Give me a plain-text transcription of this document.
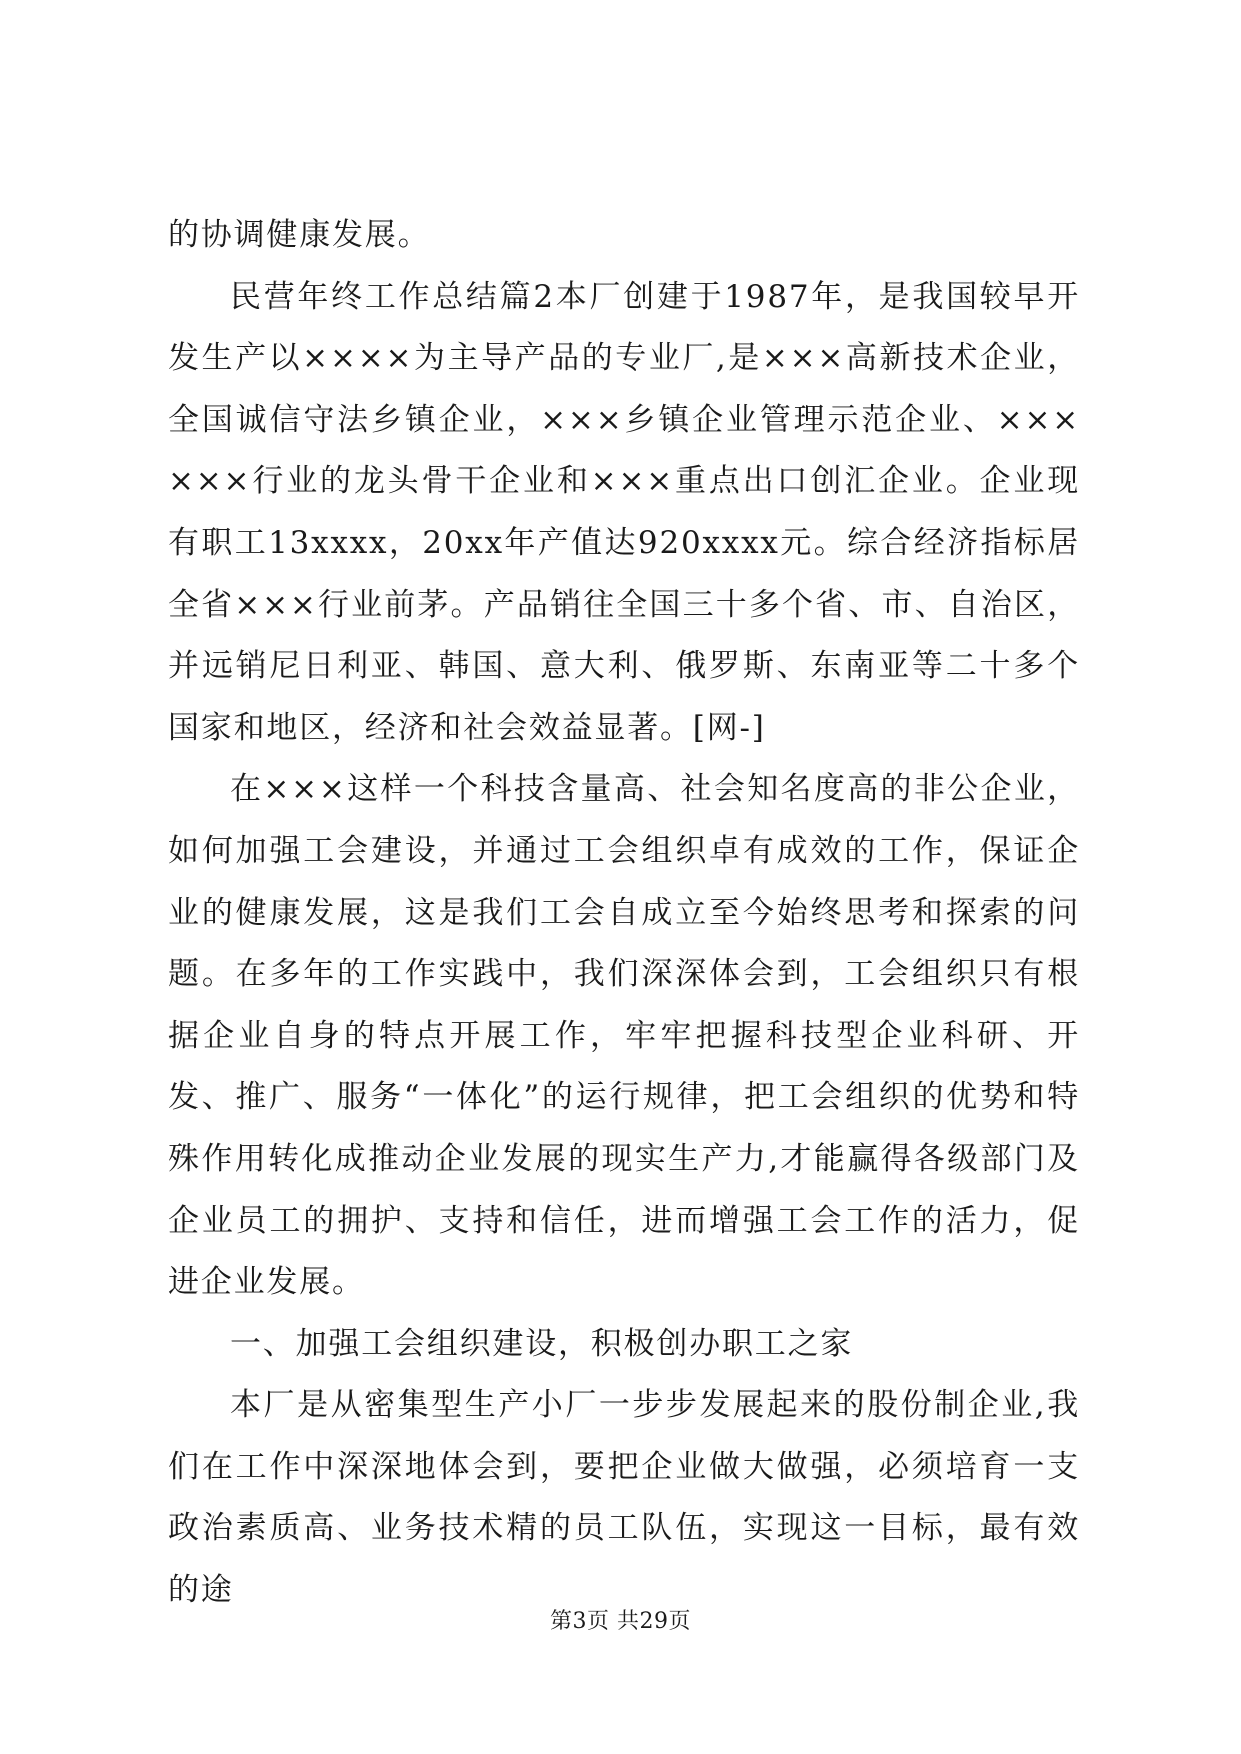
的协调健康发展。

民营年终工作总结篇2本厂创建于1987年，是我国较早开发生产以××××为主导产品的专业厂,是×××高新技术企业，全国诚信守法乡镇企业，×××乡镇企业管理示范企业、××××××行业的龙头骨干企业和×××重点出口创汇企业。企业现有职工13xxxx，20xx年产值达920xxxx元。综合经济指标居全省×××行业前茅。产品销往全国三十多个省、市、自治区，并远销尼日利亚、韩国、意大利、俄罗斯、东南亚等二十多个国家和地区，经济和社会效益显著。[网-]

在×××这样一个科技含量高、社会知名度高的非公企业，如何加强工会建设，并通过工会组织卓有成效的工作，保证企业的健康发展，这是我们工会自成立至今始终思考和探索的问题。在多年的工作实践中，我们深深体会到，工会组织只有根据企业自身的特点开展工作，牢牢把握科技型企业科研、开发、推广、服务“一体化”的运行规律，把工会组织的优势和特殊作用转化成推动企业发展的现实生产力,才能赢得各级部门及企业员工的拥护、支持和信任，进而增强工会工作的活力，促进企业发展。

一、加强工会组织建设，积极创办职工之家

本厂是从密集型生产小厂一步步发展起来的股份制企业,我们在工作中深深地体会到，要把企业做大做强，必须培育一支政治素质高、业务技术精的员工队伍，实现这一目标，最有效的途

第3页 共29页
